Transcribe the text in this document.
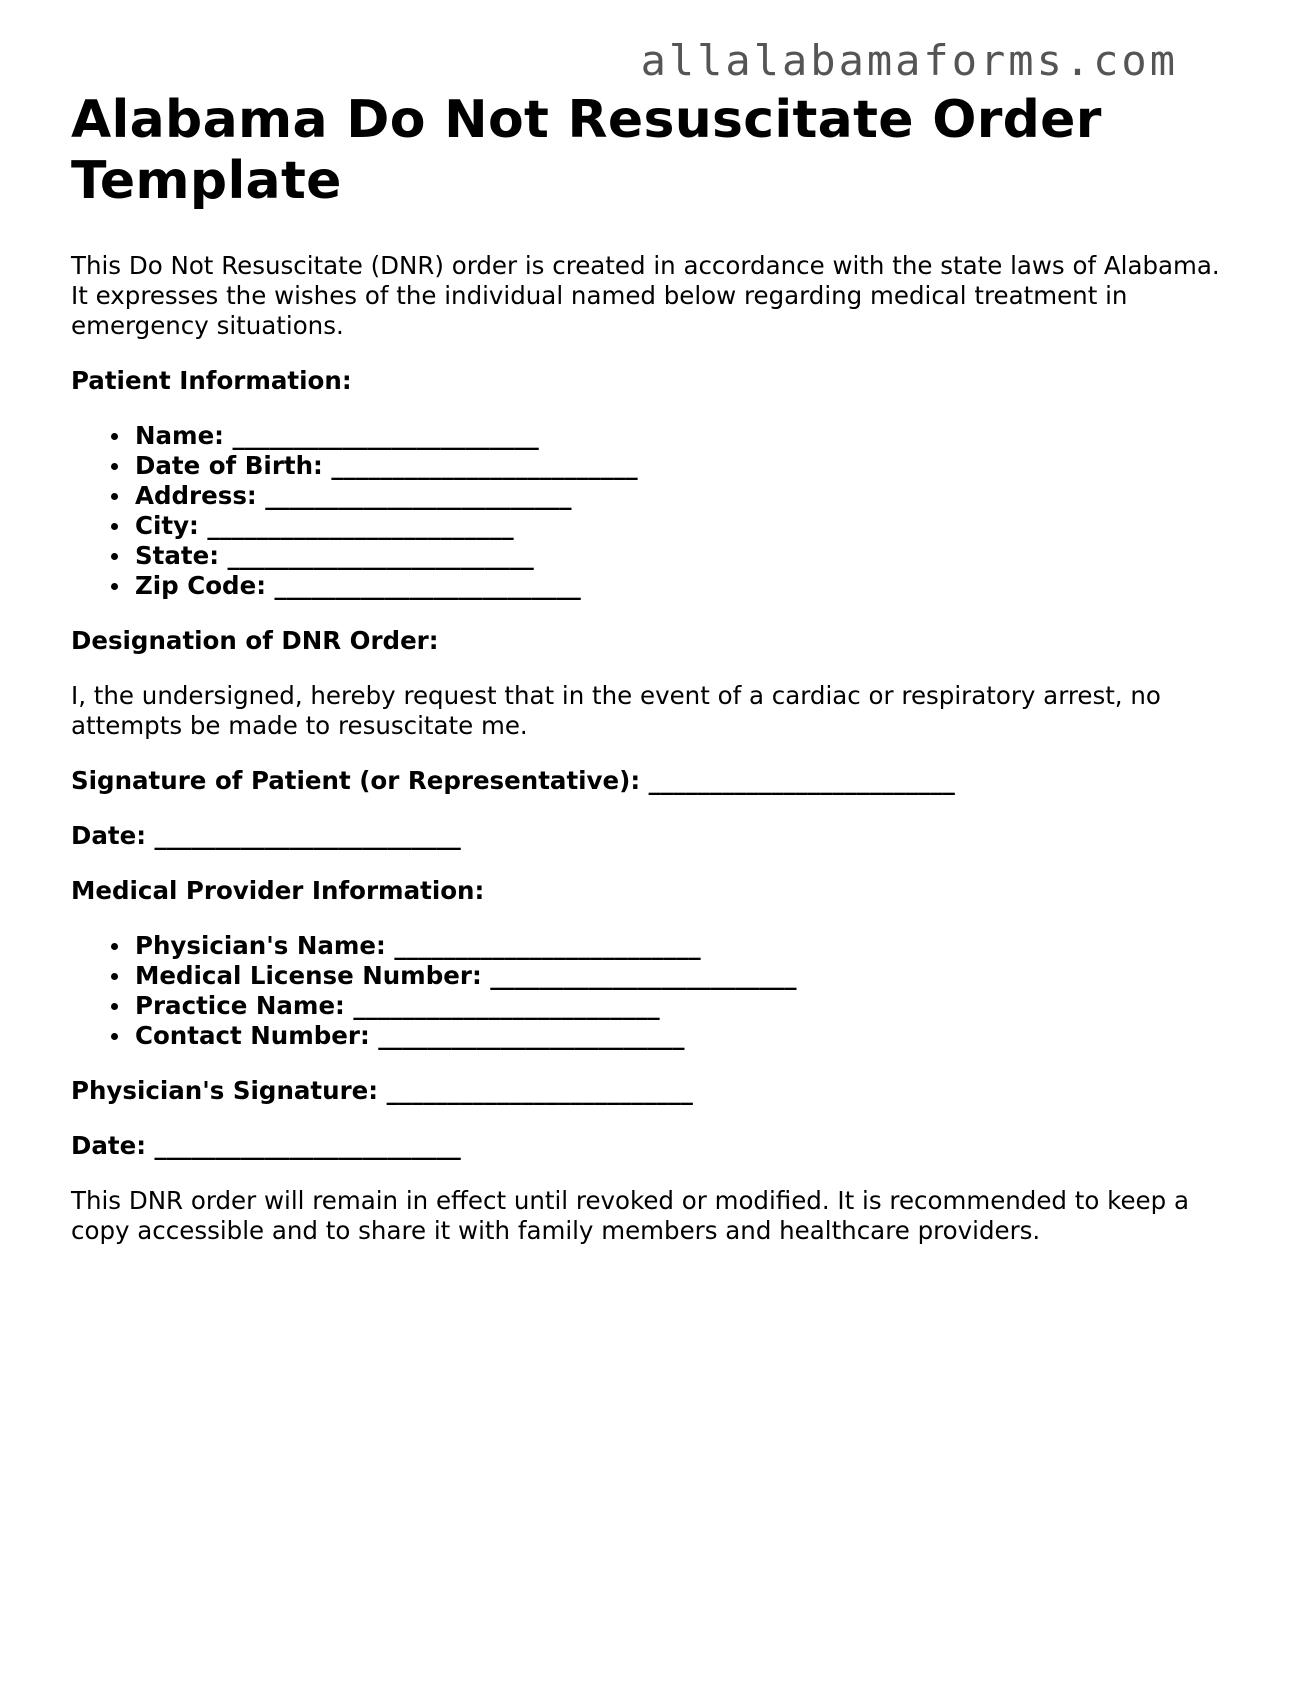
allalabamaforms.com
Alabama Do Not Resuscitate Order Template

This Do Not Resuscitate (DNR) order is created in accordance with the state laws of Alabama. It expresses the wishes of the individual named below regarding medical treatment in emergency situations.

Patient Information:

Name: _________________________
Date of Birth: _________________________
Address: _________________________
City: _________________________
State: _________________________
Zip Code: _________________________

Designation of DNR Order:

I, the undersigned, hereby request that in the event of a cardiac or respiratory arrest, no attempts be made to resuscitate me.

Signature of Patient (or Representative): _________________________

Date: _________________________

Medical Provider Information:

Physician's Name: _________________________
Medical License Number: _________________________
Practice Name: _________________________
Contact Number: _________________________

Physician's Signature: _________________________

Date: _________________________

This DNR order will remain in effect until revoked or modified. It is recommended to keep a copy accessible and to share it with family members and healthcare providers.
